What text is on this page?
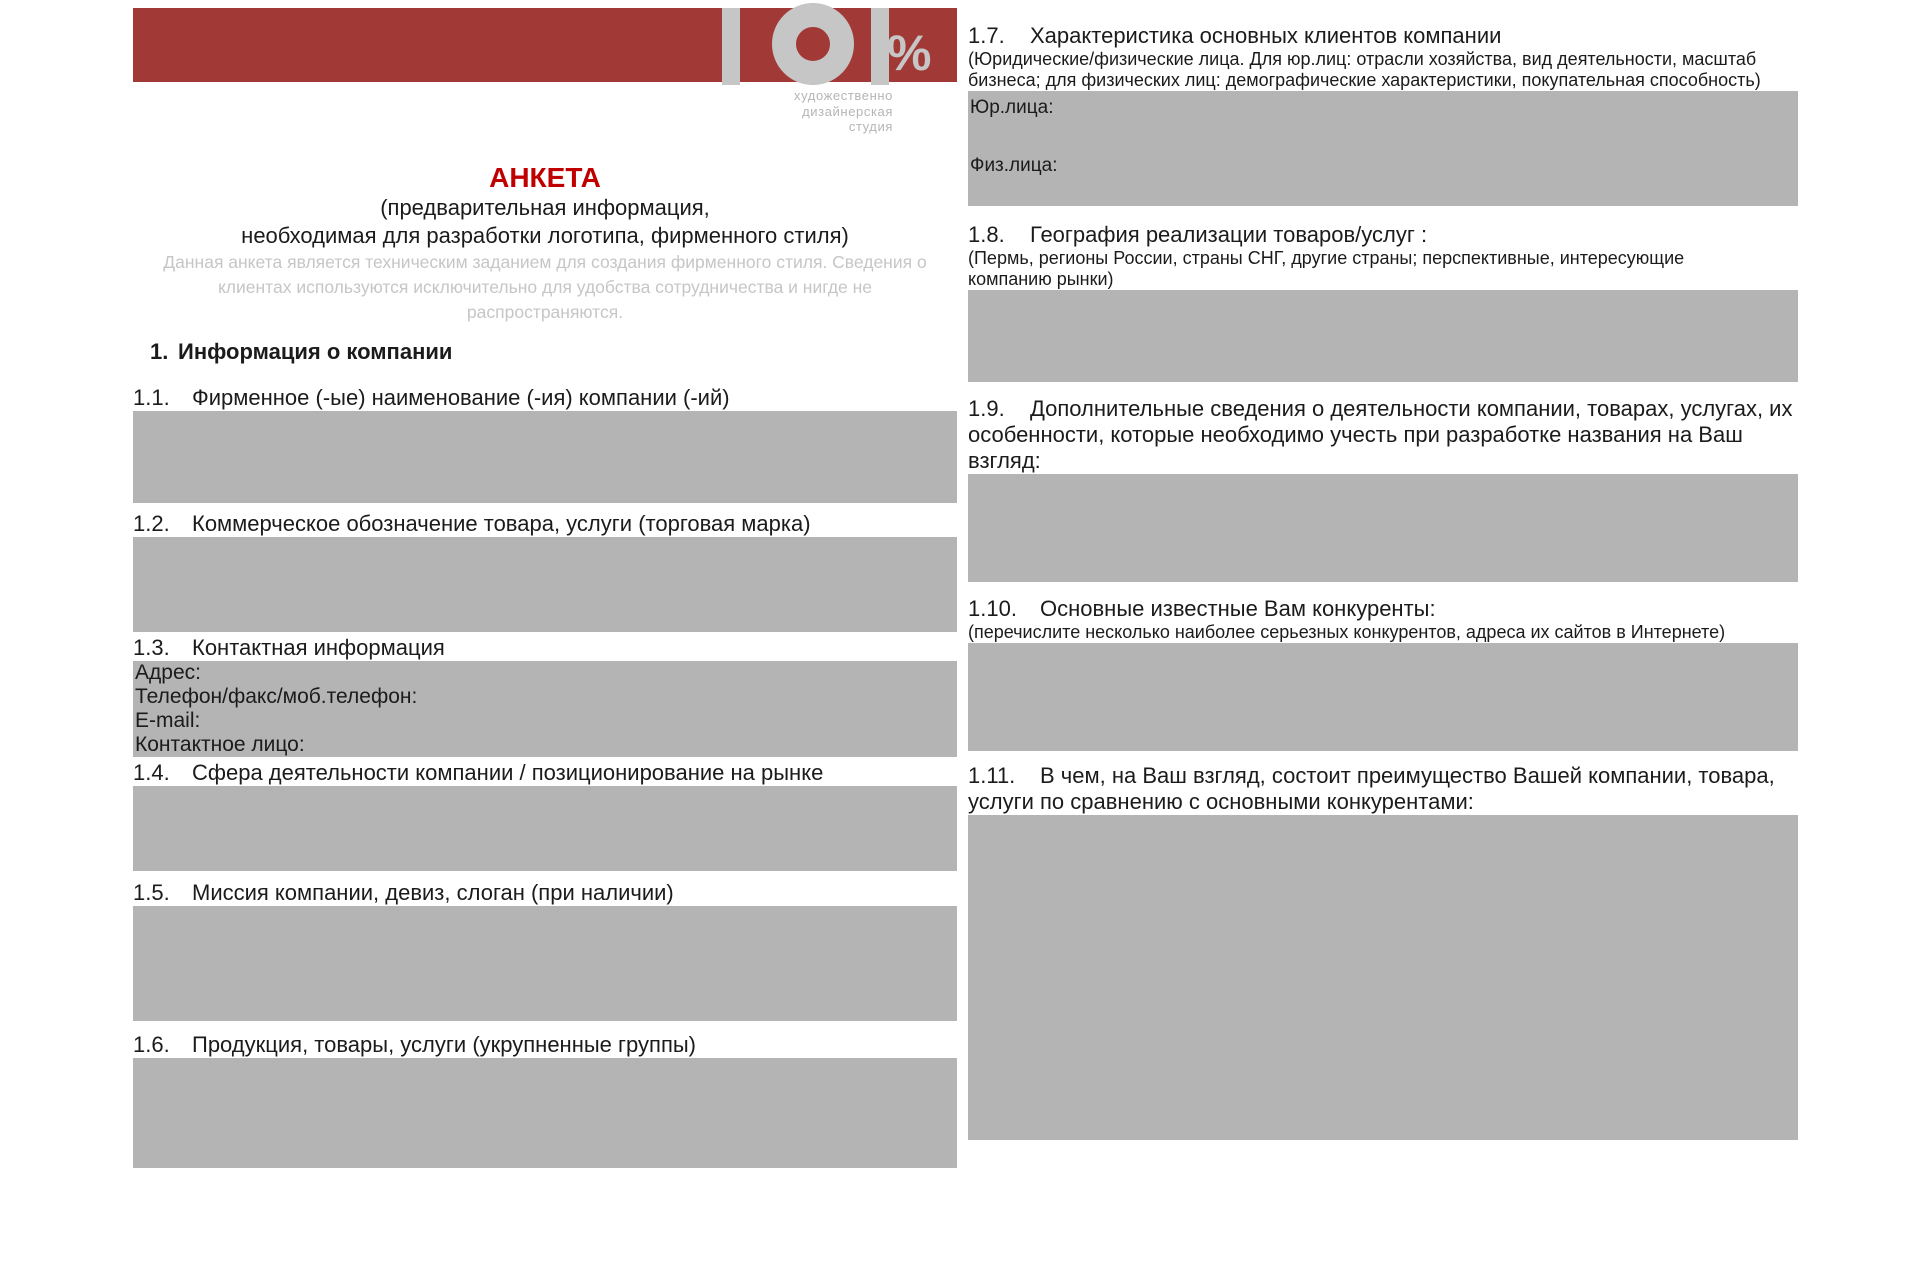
%
художественно
дизайнерская
студия
АНКЕТА
(предварительная информация,
необходимая для разработки логотипа, фирменного стиля)
Данная анкета является техническим заданием для создания фирменного стиля. Сведения о
клиентах используются исключительно для удобства сотрудничества и нигде не
распространяются.
1. Информация о компании
1.1. Фирменное (-ые) наименование (-ия) компании (-ий)
1.2. Коммерческое обозначение товара, услуги (торговая марка)
1.3. Контактная информация
Адрес:
Телефон/факс/моб.телефон:
E-mail:
Контактное лицо:
1.4. Сфера деятельности компании / позиционирование на рынке
1.5. Миссия компании, девиз, слоган (при наличии)
1.6. Продукция, товары, услуги (укрупненные группы)
1.7. Характеристика основных клиентов компании
(Юридические/физические лица. Для юр.лиц: отрасли хозяйства, вид деятельности, масштаб
бизнеса; для физических лиц: демографические характеристики, покупательная способность)
Юр.лица:
Физ.лица:
1.8. География реализации товаров/услуг :
(Пермь, регионы России, страны СНГ, другие страны; перспективные, интересующие
компанию рынки)
1.9. Дополнительные сведения о деятельности компании, товарах, услугах, их
особенности, которые необходимо учесть при разработке названия на Ваш
взгляд:
1.10. Основные известные Вам конкуренты:
(перечислите несколько наиболее серьезных конкурентов, адреса их сайтов в Интернете)
1.11. В чем, на Ваш взгляд, состоит преимущество Вашей компании, товара,
услуги по сравнению с основными конкурентами:
